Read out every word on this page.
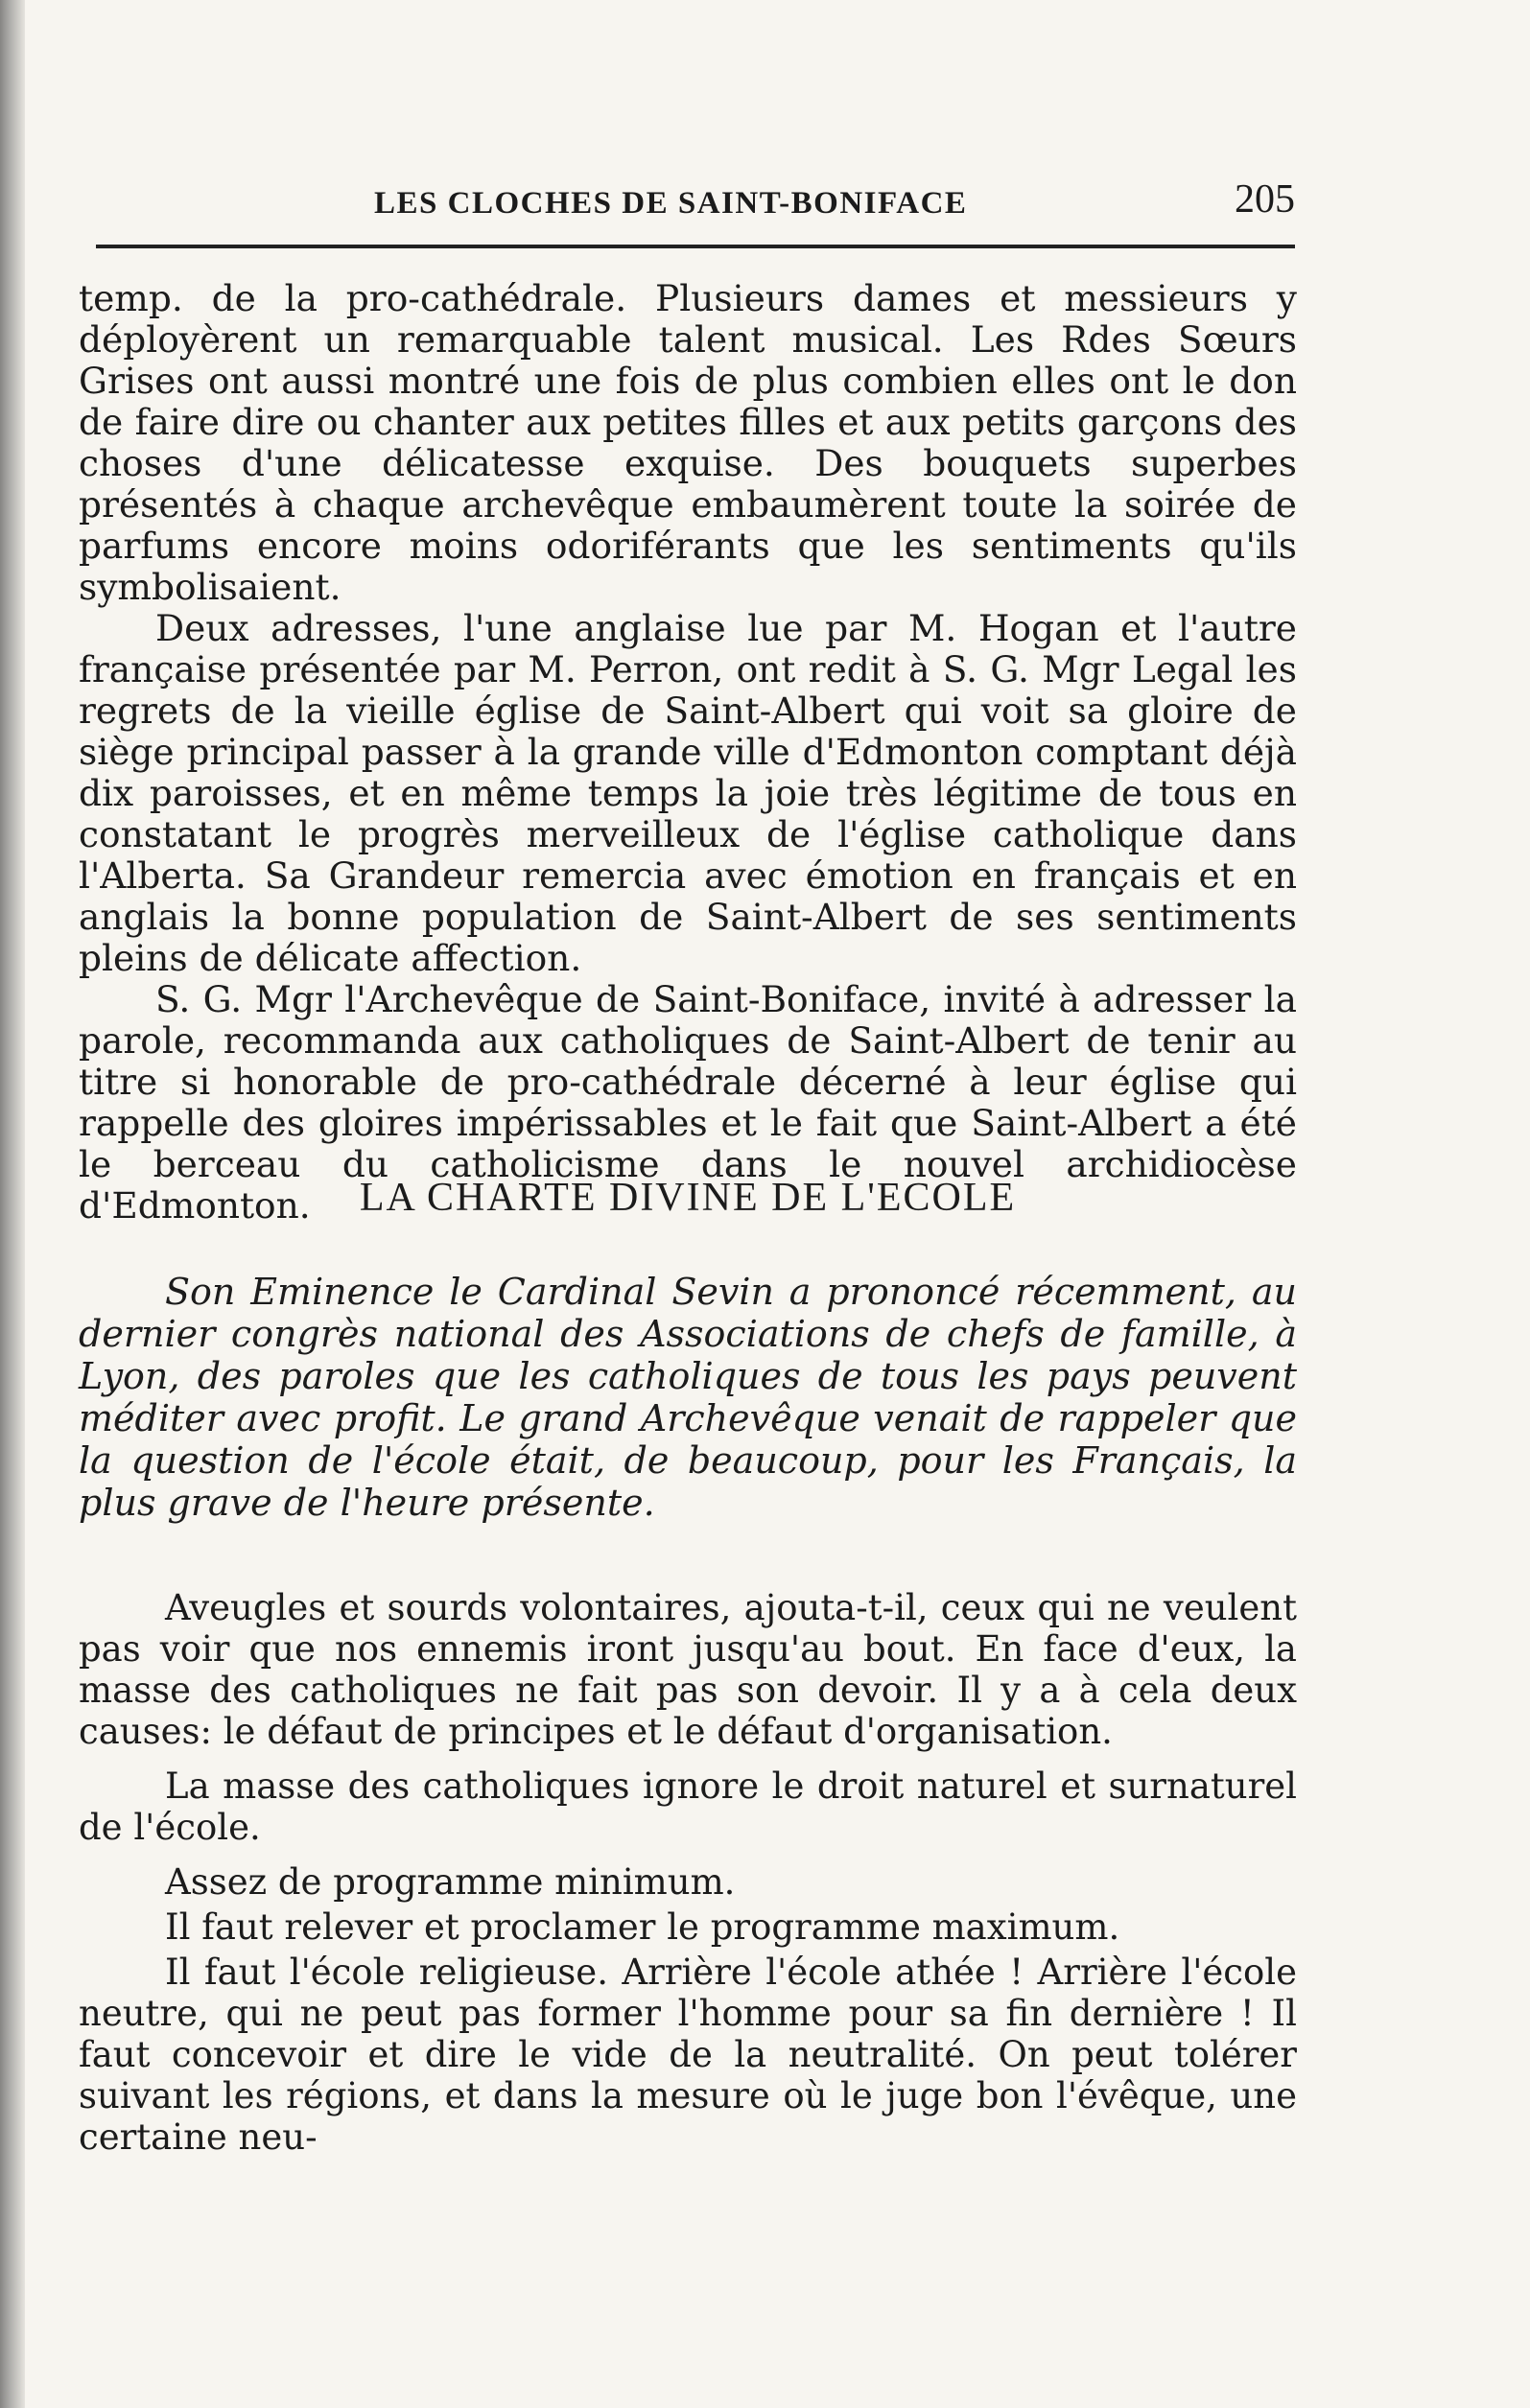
LES CLOCHES DE SAINT-BONIFACE	205

temp. de la pro-cathédrale. Plusieurs dames et messieurs y déployèrent un remarquable talent musical. Les Rdes Sœurs Grises ont aussi montré une fois de plus combien elles ont le don de faire dire ou chanter aux petites filles et aux petits garçons des choses d'une délicatesse exquise. Des bouquets superbes présentés à chaque archevêque embaumèrent toute la soirée de parfums encore moins odoriférants que les sentiments qu'ils symbolisaient.

Deux adresses, l'une anglaise lue par M. Hogan et l'autre française présentée par M. Perron, ont redit à S. G. Mgr Legal les regrets de la vieille église de Saint-Albert qui voit sa gloire de siège principal passer à la grande ville d'Edmonton comptant déjà dix paroisses, et en même temps la joie très légitime de tous en constatant le progrès merveilleux de l'église catholique dans l'Alberta. Sa Grandeur remercia avec émotion en français et en anglais la bonne population de Saint-Albert de ses sentiments pleins de délicate affection.

S. G. Mgr l'Archevêque de Saint-Boniface, invité à adresser la parole, recommanda aux catholiques de Saint-Albert de tenir au titre si honorable de pro-cathédrale décerné à leur église qui rappelle des gloires impérissables et le fait que Saint-Albert a été le berceau du catholicisme dans le nouvel archidiocèse d'Edmonton.	LA CHARTE DIVINE DE L'ECOLE

Son Eminence le Cardinal Sevin a prononcé récemment, au dernier congrès national des Associations de chefs de famille, à Lyon, des paroles que les catholiques de tous les pays peuvent méditer avec profit. Le grand Archevêque venait de rappeler que la question de l'école était, de beaucoup, pour les Français, la plus grave de l'heure présente.

Aveugles et sourds volontaires, ajouta-t-il, ceux qui ne veulent pas voir que nos ennemis iront jusqu'au bout. En face d'eux, la masse des catholiques ne fait pas son devoir. Il y a à cela deux causes: le défaut de principes et le défaut d'organisation.

La masse des catholiques ignore le droit naturel et surnaturel de l'école.

Assez de programme minimum.

Il faut relever et proclamer le programme maximum.

Il faut l'école religieuse. Arrière l'école athée ! Arrière l'école neutre, qui ne peut pas former l'homme pour sa fin dernière ! Il faut concevoir et dire le vide de la neutralité. On peut tolérer suivant les régions, et dans la mesure où le juge bon l'évêque, une certaine neu-
